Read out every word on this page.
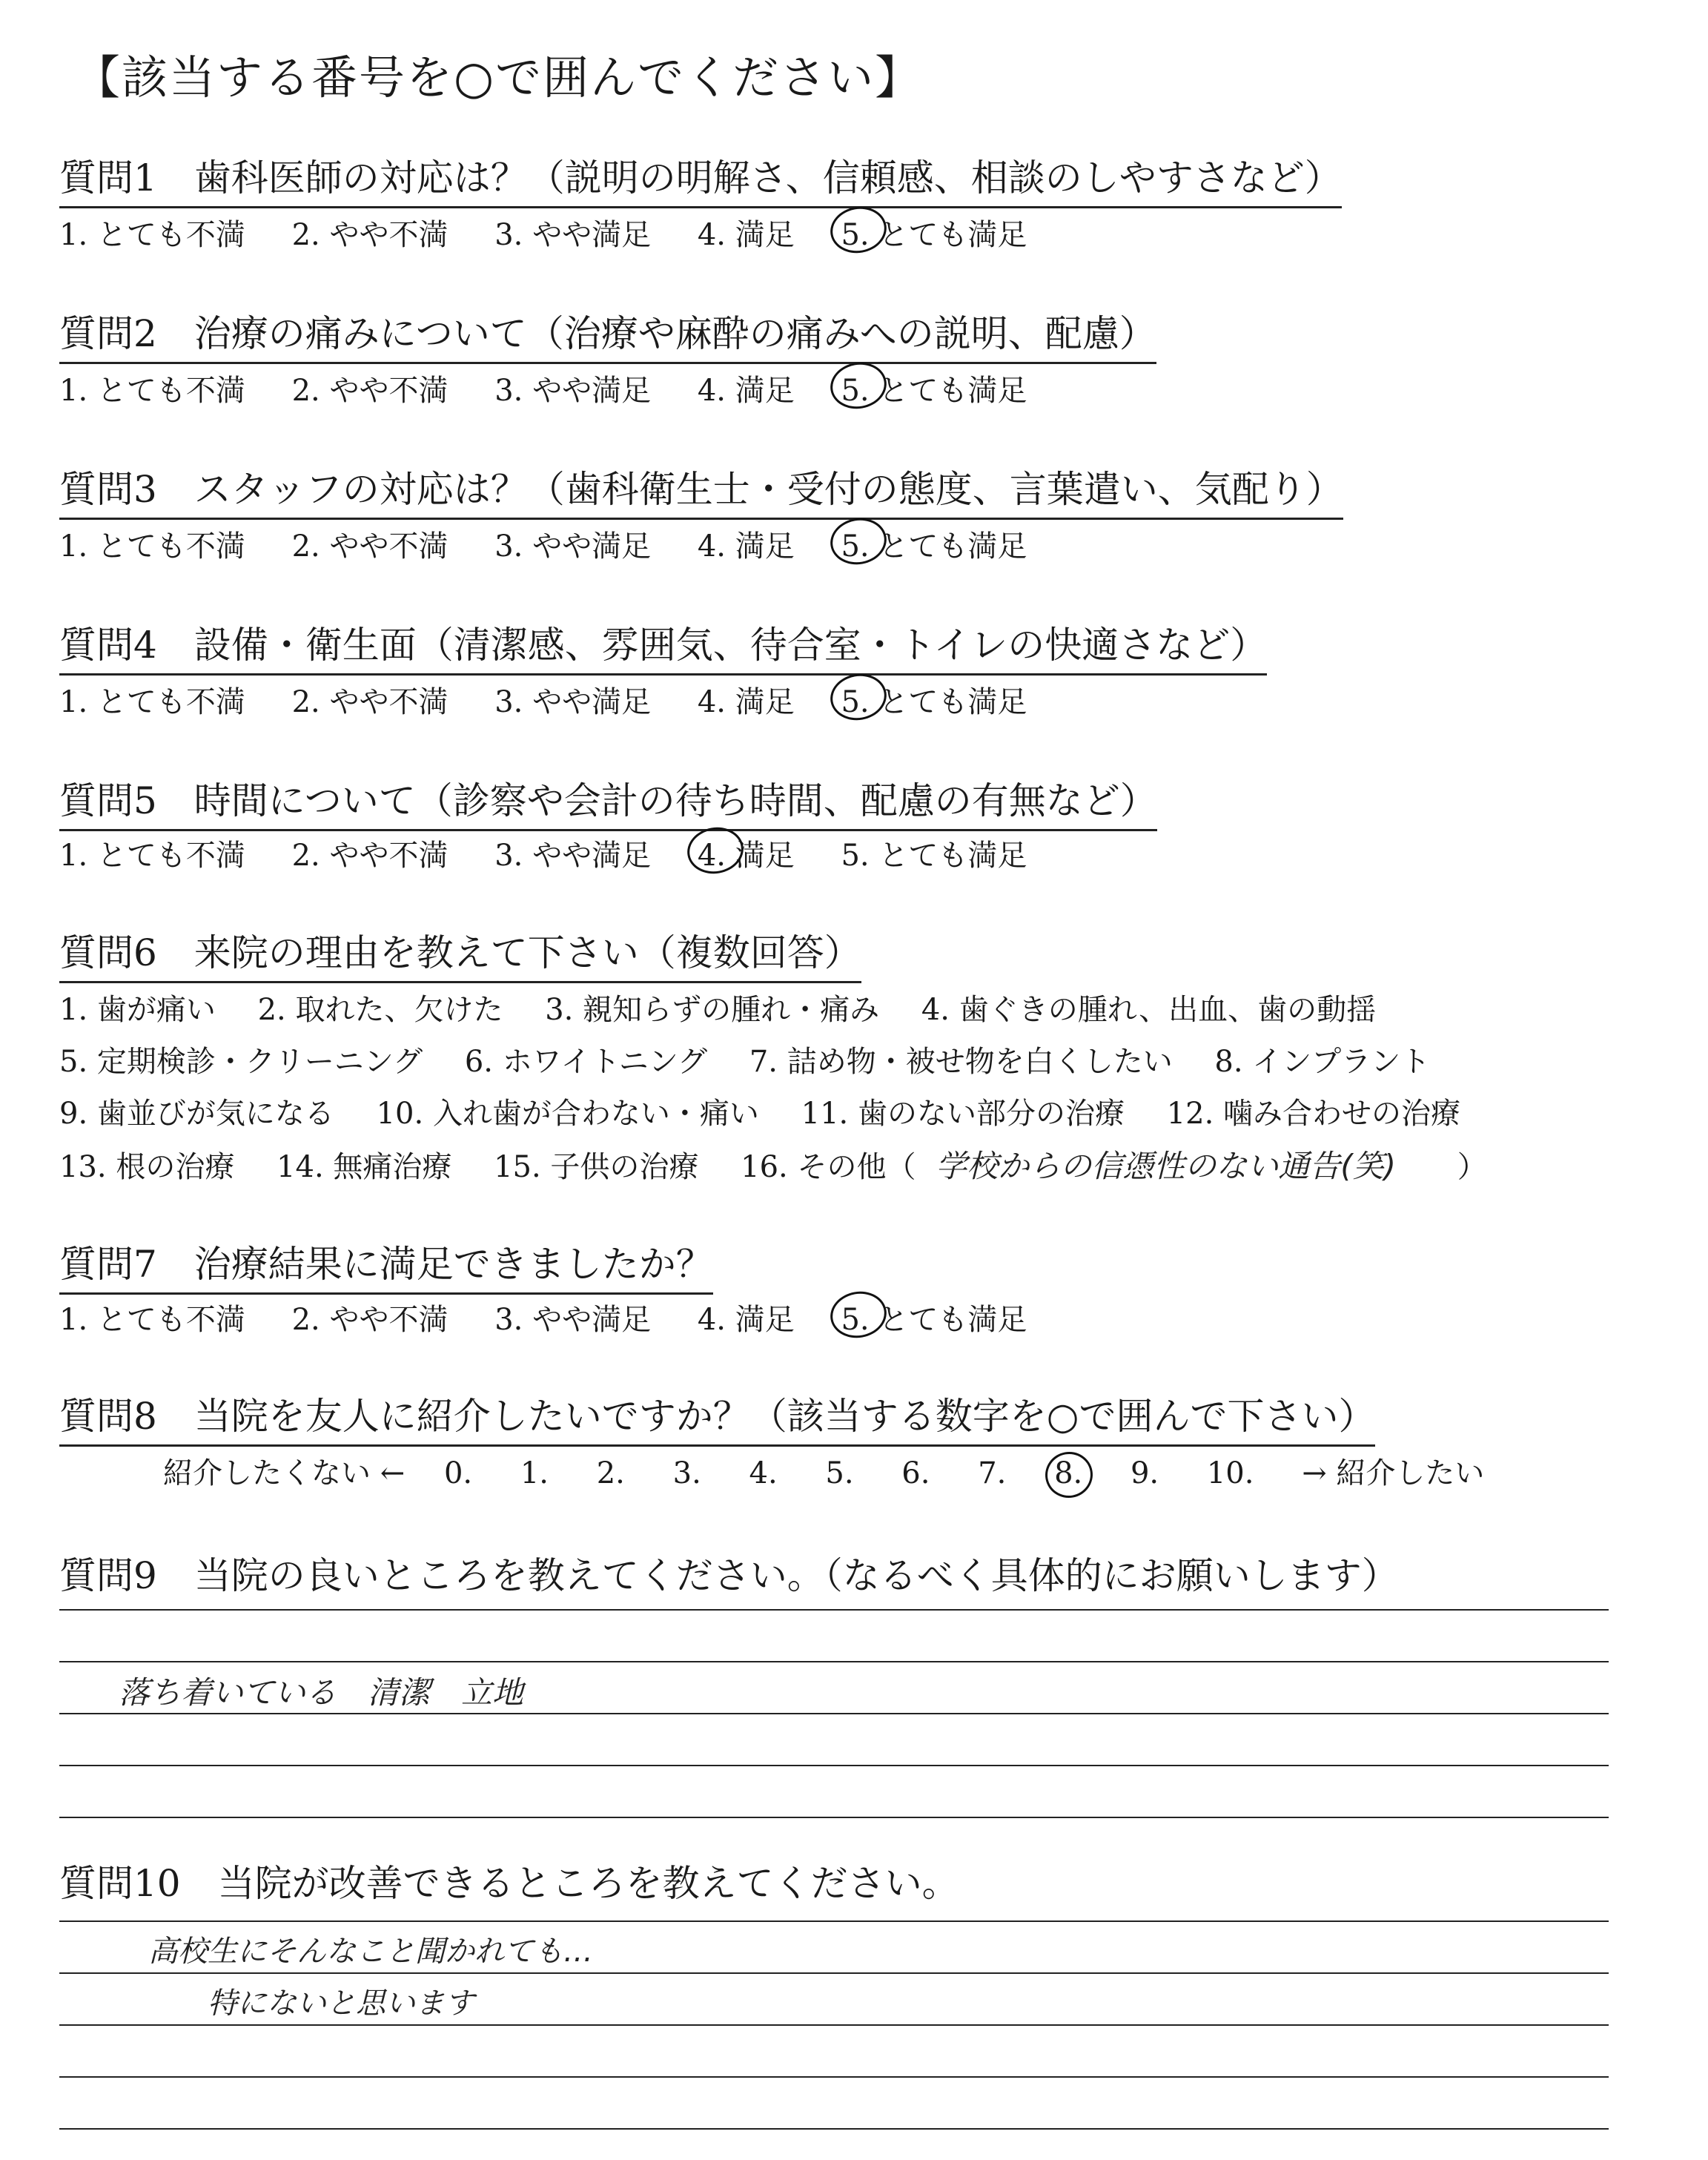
【該当する番号を○で囲んでください】
質問1　歯科医師の対応は？（説明の明解さ、信頼感、相談のしやすさなど）
1. とても不満 2. やや不満 3. やや満足 4. 満足 5. とても満足
質問2　治療の痛みについて（治療や麻酔の痛みへの説明、配慮）
1. とても不満 2. やや不満 3. やや満足 4. 満足 5. とても満足
質問3　スタッフの対応は？（歯科衛生士・受付の態度、言葉遣い、気配り）
1. とても不満 2. やや不満 3. やや満足 4. 満足 5. とても満足
質問4　設備・衛生面（清潔感、雰囲気、待合室・トイレの快適さなど）
1. とても不満 2. やや不満 3. やや満足 4. 満足 5. とても満足
質問5　時間について（診察や会計の待ち時間、配慮の有無など）
1. とても不満 2. やや不満 3. やや満足 4. 満足 5. とても満足
質問6　来院の理由を教えて下さい（複数回答）
1. 歯が痛い 2. 取れた、欠けた 3. 親知らずの腫れ・痛み 4. 歯ぐきの腫れ、出血、歯の動揺
5. 定期検診・クリーニング 6. ホワイトニング 7. 詰め物・被せ物を白くしたい 8. インプラント
9. 歯並びが気になる 10. 入れ歯が合わない・痛い 11. 歯のない部分の治療 12. 噛み合わせの治療
13. 根の治療 14. 無痛治療 15. 子供の治療 16. その他（ 学校からの信憑性のない通告(笑) ）
質問7　治療結果に満足できましたか？
1. とても不満 2. やや不満 3. やや満足 4. 満足 5. とても満足
質問8　当院を友人に紹介したいですか？（該当する数字を○で囲んで下さい）
紹介したくない ← 0. 1. 2. 3. 4. 5. 6. 7. 8. 9. 10. → 紹介したい
質問9　当院の良いところを教えてください。（なるべく具体的にお願いします）
落ち着いている　清潔　立地
質問10　当院が改善できるところを教えてください。
高校生にそんなこと聞かれても…
特にないと思います
